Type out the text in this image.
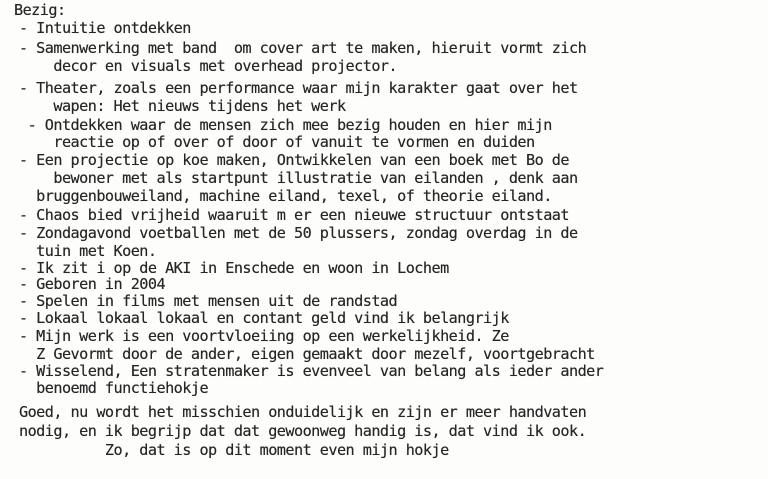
Bezig:
- Intuitie ontdekken
- Samenwerking met band  om cover art te maken, hieruit vormt zich
decor en visuals met overhead projector.
- Theater, zoals een performance waar mijn karakter gaat over het
wapen: Het nieuws tijdens het werk
- Ontdekken waar de mensen zich mee bezig houden en hier mijn
reactie op of over of door of vanuit te vormen en duiden
- Een projectie op koe maken, Ontwikkelen van een boek met Bo de
bewoner met als startpunt illustratie van eilanden , denk aan
bruggenbouweiland, machine eiland, texel, of theorie eiland.
- Chaos bied vrijheid waaruit m er een nieuwe structuur ontstaat
- Zondagavond voetballen met de 50 plussers, zondag overdag in de
tuin met Koen.
- Ik zit i op de AKI in Enschede en woon in Lochem
- Geboren in 2004
- Spelen in films met mensen uit de randstad
- Lokaal lokaal lokaal en contant geld vind ik belangrijk
- Mijn werk is een voortvloeiing op een werkelijkheid. Ze
Z Gevormt door de ander, eigen gemaakt door mezelf, voortgebracht
- Wisselend, Een stratenmaker is evenveel van belang als ieder ander
benoemd functiehokje
Goed, nu wordt het misschien onduidelijk en zijn er meer handvaten
nodig, en ik begrijp dat dat gewoonweg handig is, dat vind ik ook.
Zo, dat is op dit moment even mijn hokje
